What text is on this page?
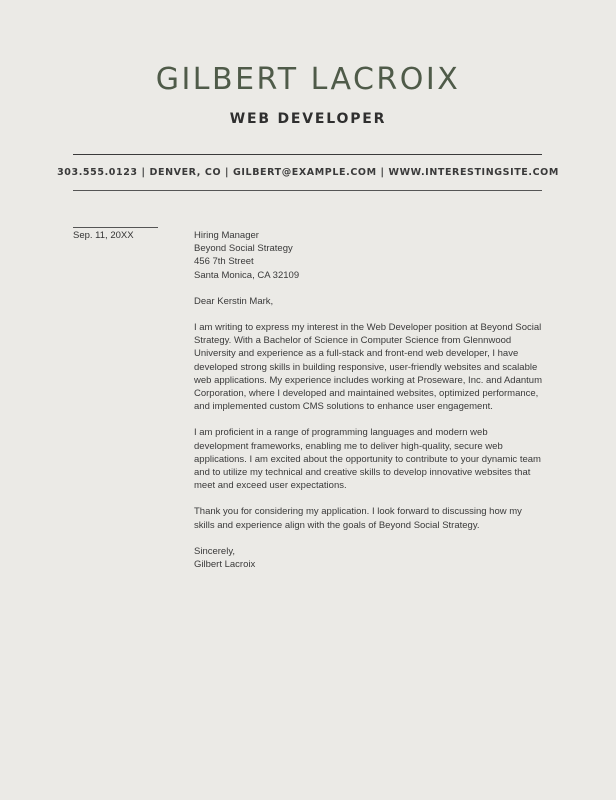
GILBERT LACROIX
WEB DEVELOPER
303.555.0123 | DENVER, CO | GILBERT@EXAMPLE.COM | WWW.INTERESTINGSITE.COM
Sep. 11, 20XX	Hiring Manager
Beyond Social Strategy
456 7th Street
Santa Monica, CA 32109

Dear Kerstin Mark,

I am writing to express my interest in the Web Developer position at Beyond Social Strategy. With a Bachelor of Science in Computer Science from Glennwood University and experience as a full-stack and front-end web developer, I have developed strong skills in building responsive, user-friendly websites and scalable web applications. My experience includes working at Proseware, Inc. and Adantum Corporation, where I developed and maintained websites, optimized performance, and implemented custom CMS solutions to enhance user engagement.

I am proficient in a range of programming languages and modern web development frameworks, enabling me to deliver high-quality, secure web applications. I am excited about the opportunity to contribute to your dynamic team and to utilize my technical and creative skills to develop innovative websites that meet and exceed user expectations.

Thank you for considering my application. I look forward to discussing how my skills and experience align with the goals of Beyond Social Strategy.

Sincerely,

Gilbert Lacroix
